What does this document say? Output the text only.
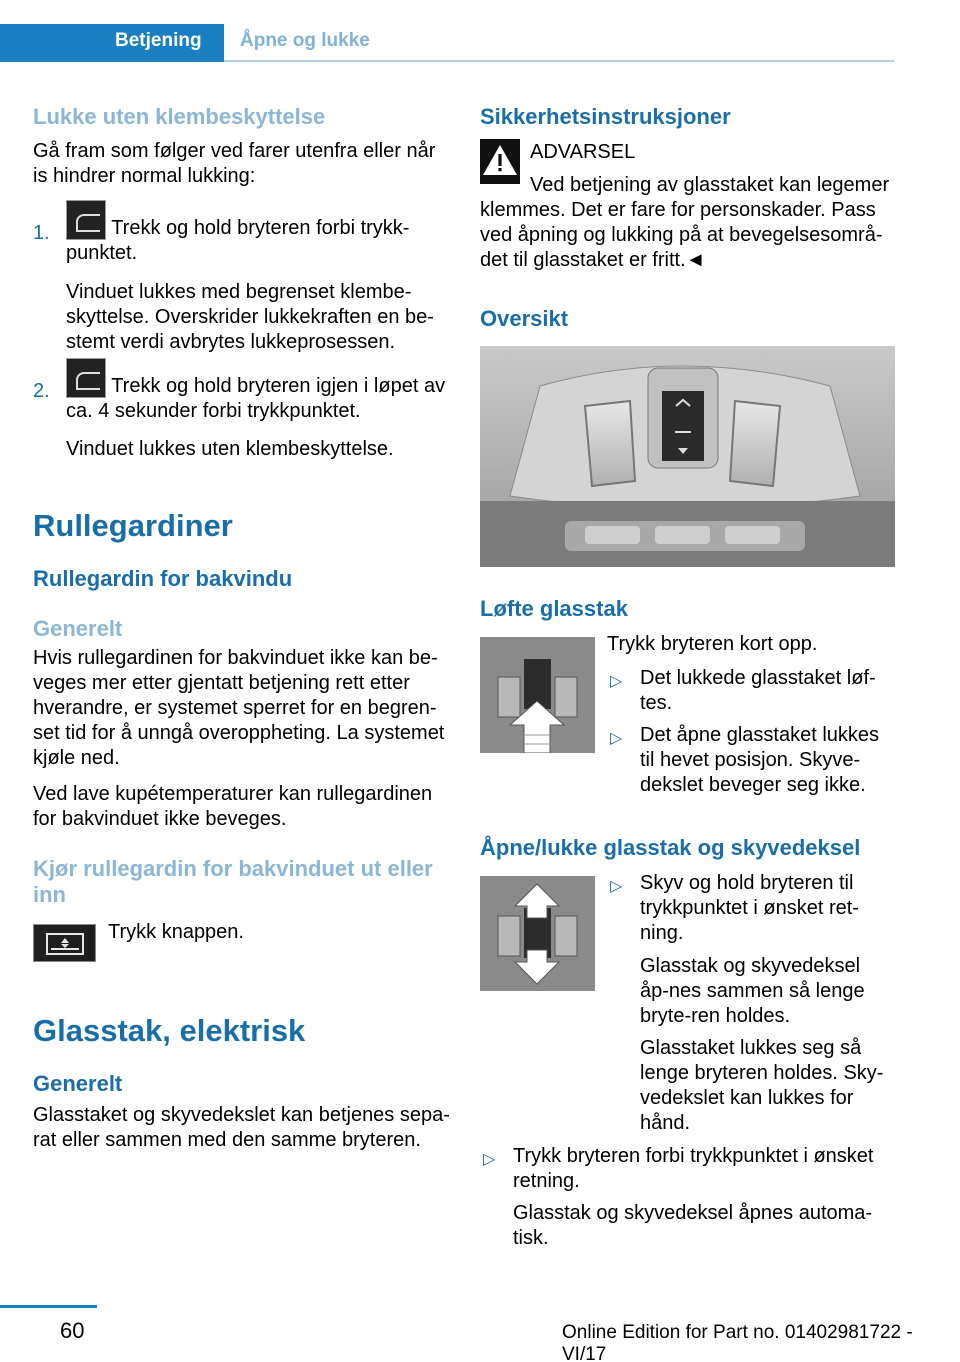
Betjening Åpne og lukke
Lukke uten klembeskyttelse

Gå fram som følger ved farer utenfra eller når is hindrer normal lukking:

1.	Trekk og hold bryteren forbi trykk-
punktet.

Vinduet lukkes med begrenset klembe-skyttelse. Overskrider lukkekraften en be-stemt verdi avbrytes lukkeprosessen.

2.	Trekk og hold bryteren igjen i løpet av
ca. 4 sekunder forbi trykkpunktet.

Vinduet lukkes uten klembeskyttelse.

Rullegardiner
Rullegardin for bakvindu
Generelt

Hvis rullegardinen for bakvinduet ikke kan be-veges mer etter gjentatt betjening rett etter hverandre, er systemet sperret for en begren-set tid for å unngå overoppheting. La systemet kjøle ned.

Ved lave kupétemperaturer kan rullegardinen for bakvinduet ikke beveges.

Kjør rullegardin for bakvinduet ut eller inn

Trykk knappen.

Glasstak, elektrisk
Generelt

Glasstaket og skyvedekslet kan betjenes sepa-rat eller sammen med den samme bryteren.

Sikkerhetsinstruksjoner
ADVARSEL
Ved betjening av glasstaket kan legemer

klemmes. Det er fare for personskader. Pass ved åpning og lukking på at bevegelsesområ-det til glasstaket er fritt.◄

Oversikt
Løfte glasstak

Trykk bryteren kort opp.

▷ Det lukkede glasstaket løf-tes.

▷ Det åpne glasstaket lukkes til hevet posisjon. Skyve-dekslet beveger seg ikke.

Åpne/lukke glasstak og skyvedeksel
▷ Skyv og hold bryteren til trykkpunktet i ønsket ret-ning.

Glasstak og skyvedeksel åp-nes sammen så lenge bryte-ren holdes.

Glasstaket lukkes seg så lenge bryteren holdes. Sky-vedekslet kan lukkes for hånd.

▷ Trykk bryteren forbi trykkpunktet i ønsket retning.

Glasstak og skyvedeksel åpnes automa-tisk.

60	Online Edition for Part no. 01402981722 - VI/17
